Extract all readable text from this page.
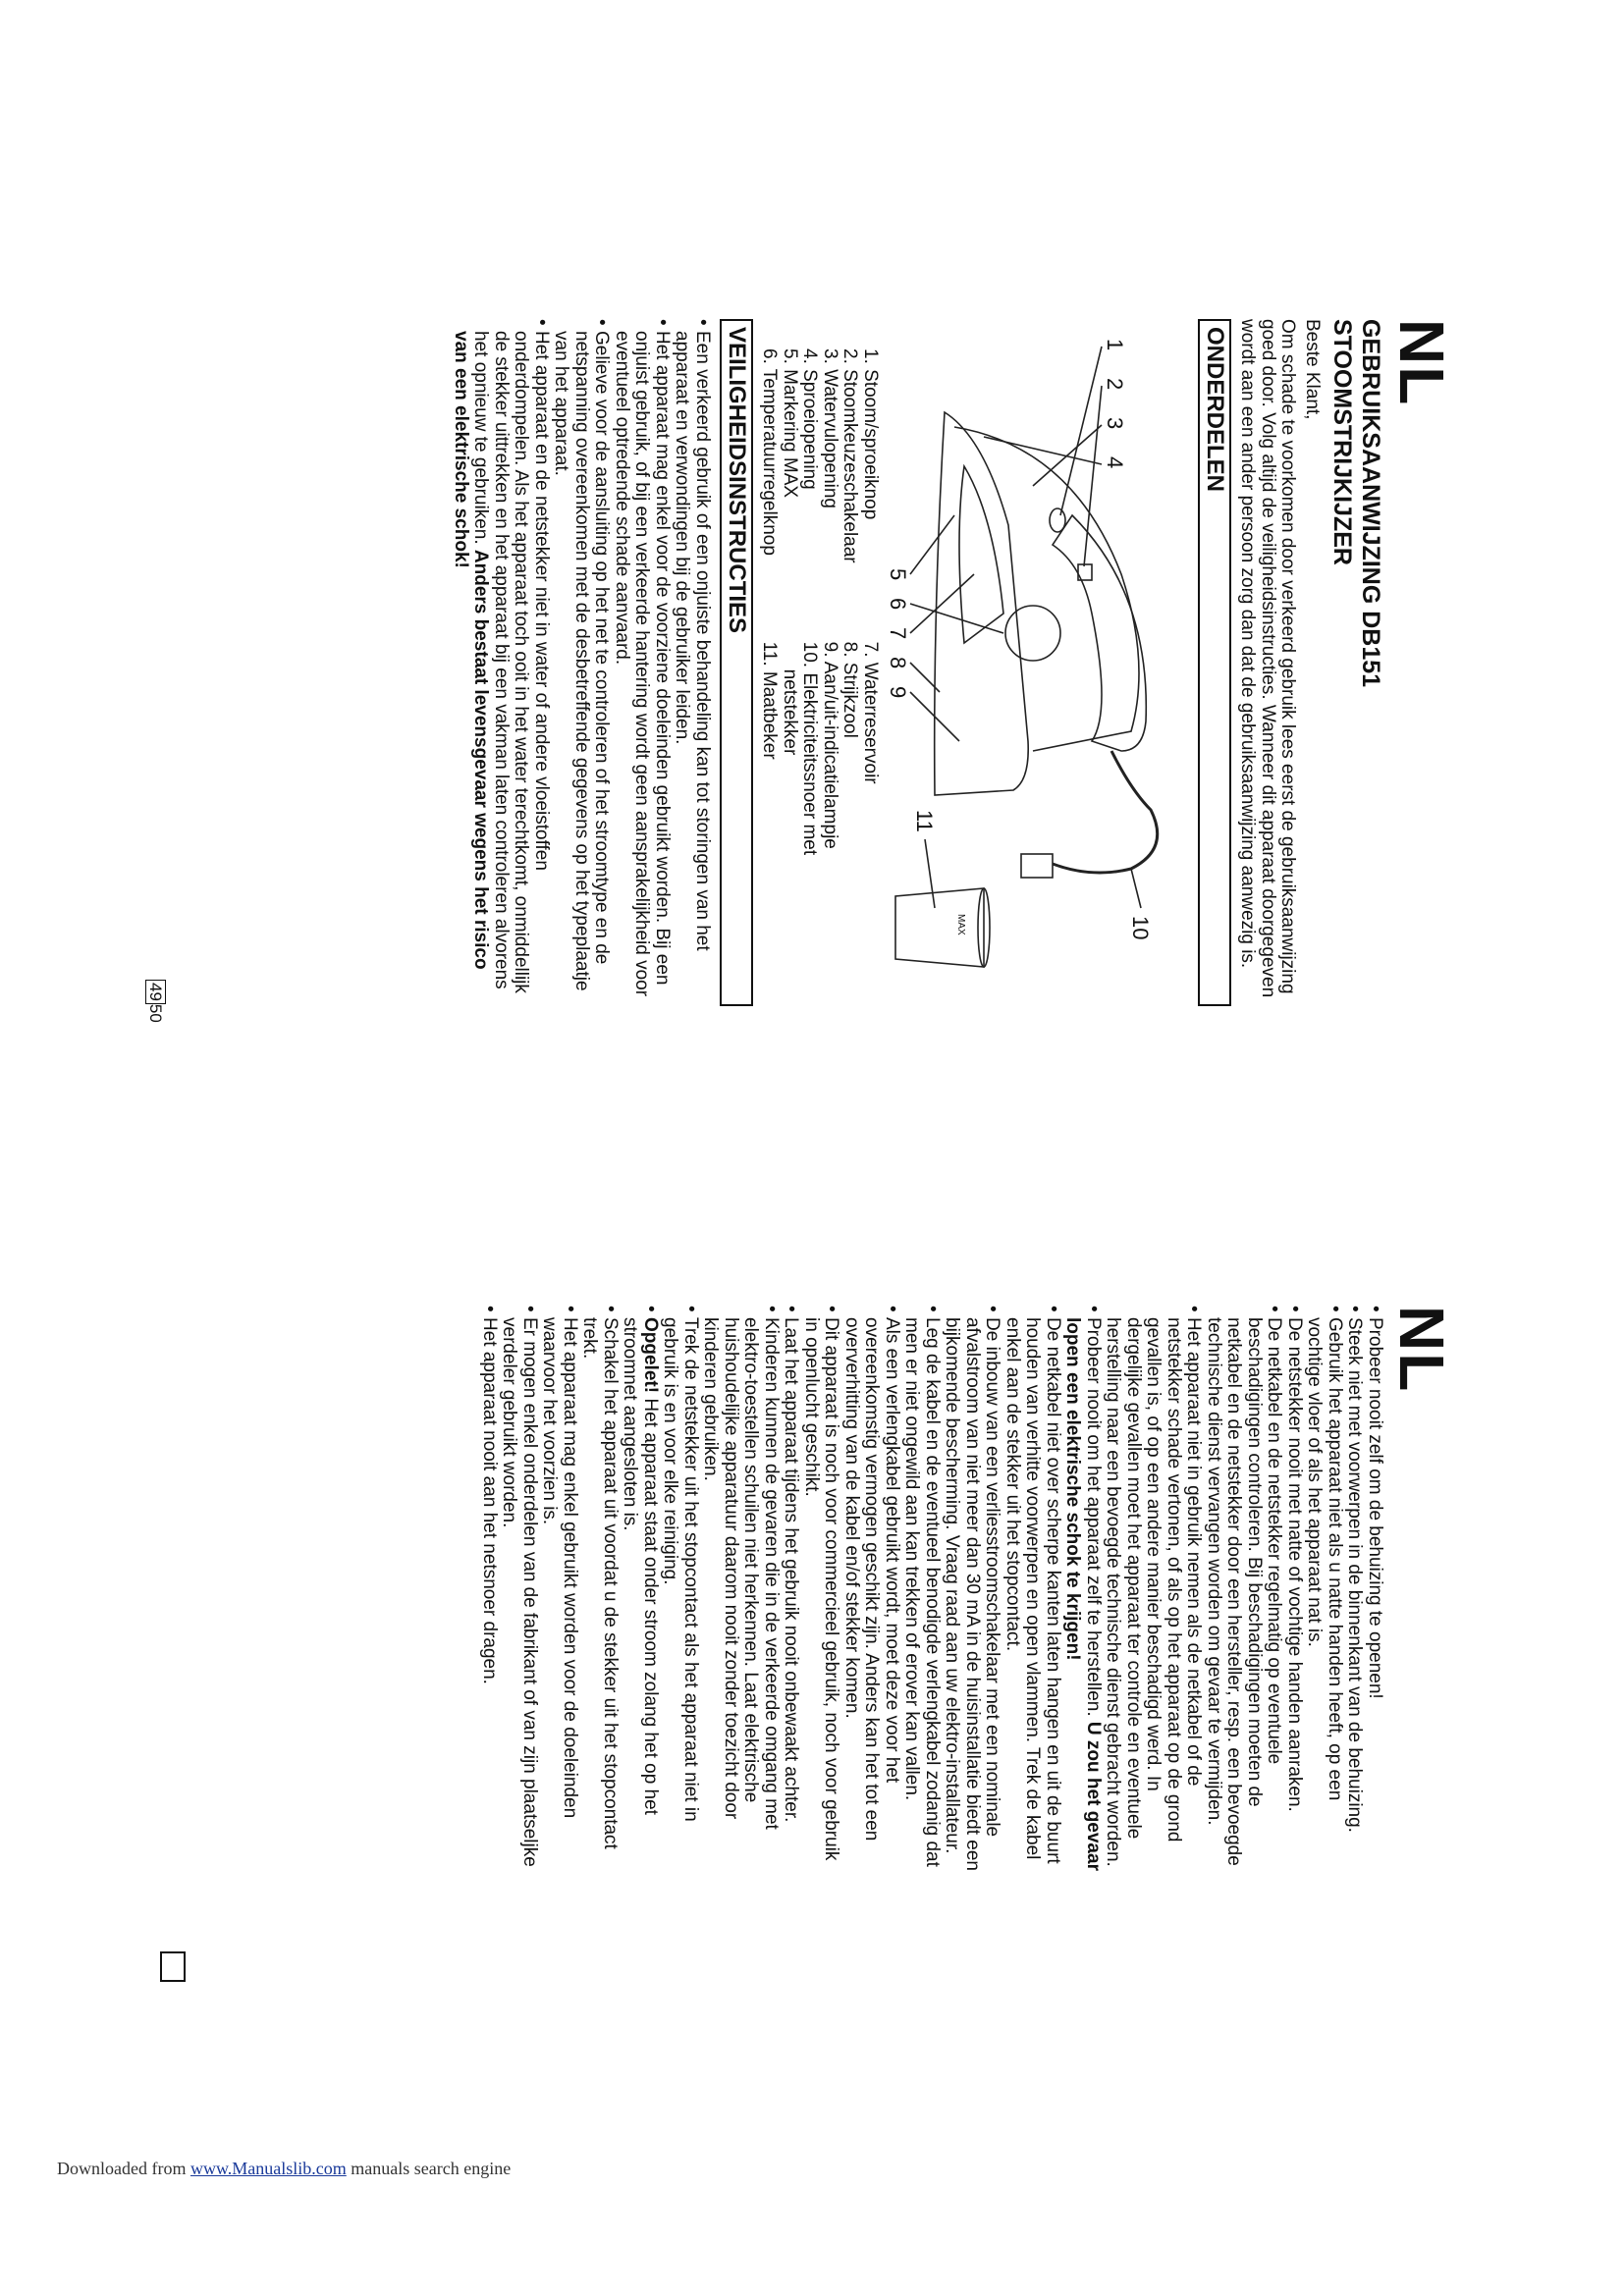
NL
GEBRUIKSAANWIJZING DB151
STOOMSTRIJKIJZER

Beste Klant,

Om schade te voorkomen door verkeerd gebruik lees eerst de gebruiksaanwijzing goed door. Volg altijd de veiligheidsinstructies. Wanneer dit apparaat doorgegeven wordt aan een ander persoon zorg dan dat de gebruiksaanwijzing aanwezig is.

ONDERDELEN
1
2
3
4
5
6
7
8
9
10
11
MAX
1. Stoom/sproeiknop
2. Stoomkeuzeschakelaar
3. Watervulopening
4. Sproeiopening
5. Markering MAX
6. Temperatuurregelknop
7. Waterreservoir
8. Strijkzool
9. Aan/uit-indicatielampje
10. Elektriciteitssnoer met
netstekker
11. Maatbeker
VEILIGHEIDSINSTRUCTIES
• Een verkeerd gebruik of een onjuiste behandeling kan tot storingen van het apparaat en verwondingen bij de gebruiker leiden.
• Het apparaat mag enkel voor de voorziene doeleinden gebruikt worden. Bij een onjuist gebruik, of bij een verkeerde hantering wordt geen aansprakelijkheid voor eventueel optredende schade aanvaard.
• Gelieve voor de aansluiting op het net te controleren of het stroomtype en de netspanning overeenkomen met de desbetreffende gegevens op het typeplaatje van het apparaat.
• Het apparaat en de netstekker niet in water of andere vloeistoffen onderdompelen. Als het apparaat toch ooit in het water terechtkomt, onmiddellijk de stekker uittrekken en het apparaat bij een vakman laten controleren alvorens het opnieuw te gebruiken. Anders bestaat levensgevaar wegens het risico van een elektrische schok!
4950
NL
• Probeer nooit zelf om de behuizing te openen!
• Steek niet met voorwerpen in de binnenkant van de behuizing.
• Gebruik het apparaat niet als u natte handen heeft, op een vochtige vloer of als het apparaat nat is.
• De netstekker nooit met natte of vochtige handen aanraken.
• De netkabel en de netstekker regelmatig op eventuele beschadigingen controleren. Bij beschadigingen moeten de netkabel en de netstekker door een hersteller, resp. een bevoegde technische dienst vervangen worden om gevaar te vermijden.
• Het apparaat niet in gebruik nemen als de netkabel of de netstekker schade vertonen, of als op het apparaat op de grond gevallen is, of op een andere manier beschadigd werd. In dergelijke gevallen moet het apparaat ter controle en eventuele herstelling naar een bevoegde technische dienst gebracht worden.
• Probeer nooit om het apparaat zelf te herstellen. U zou het gevaar lopen een elektrische schok te krijgen!
• De netkabel niet over scherpe kanten laten hangen en uit de buurt houden van verhitte voorwerpen en open vlammen. Trek de kabel enkel aan de stekker uit het stopcontact.
• De inbouw van een verliesstroomschakelaar met een nominale afvalstroom van niet meer dan 30 mA in de huisinstallatie biedt een bijkomende bescherming. Vraag raad aan uw elektro-installateur.
• Leg de kabel en de eventueel benodigde verlengkabel zodanig dat men er niet ongewild aan kan trekken of erover kan vallen.
• Als een verlengkabel gebruikt wordt, moet deze voor het overeenkomstig vermogen geschikt zijn. Anders kan het tot een oververhitting van de kabel en/of stekker komen.
• Dit apparaat is noch voor commercieel gebruik, noch voor gebruik in openlucht geschikt.
• Laat het apparaat tijdens het gebruik nooit onbewaakt achter.
• Kinderen kunnen de gevaren die in de verkeerde omgang met elektro-toestellen schuilen niet herkennen. Laat elektrische huishoudelijke apparatuur daarom nooit zonder toezicht door kinderen gebruiken.
• Trek de netstekker uit het stopcontact als het apparaat niet in gebruik is en voor elke reiniging.
• Opgelet! Het apparaat staat onder stroom zolang het op het stroomnet aangesloten is.
• Schakel het apparaat uit voordat u de stekker uit het stopcontact trekt.
• Het apparaat mag enkel gebruikt worden voor de doeleinden waarvoor het voorzien is.
• Er mogen enkel onderdelen van de fabrikant of van zijn plaatseljke verdeler gebruikt worden.
• Het apparaat nooit aan het netsnoer dragen.
Downloaded from www.Manualslib.com manuals search engine
